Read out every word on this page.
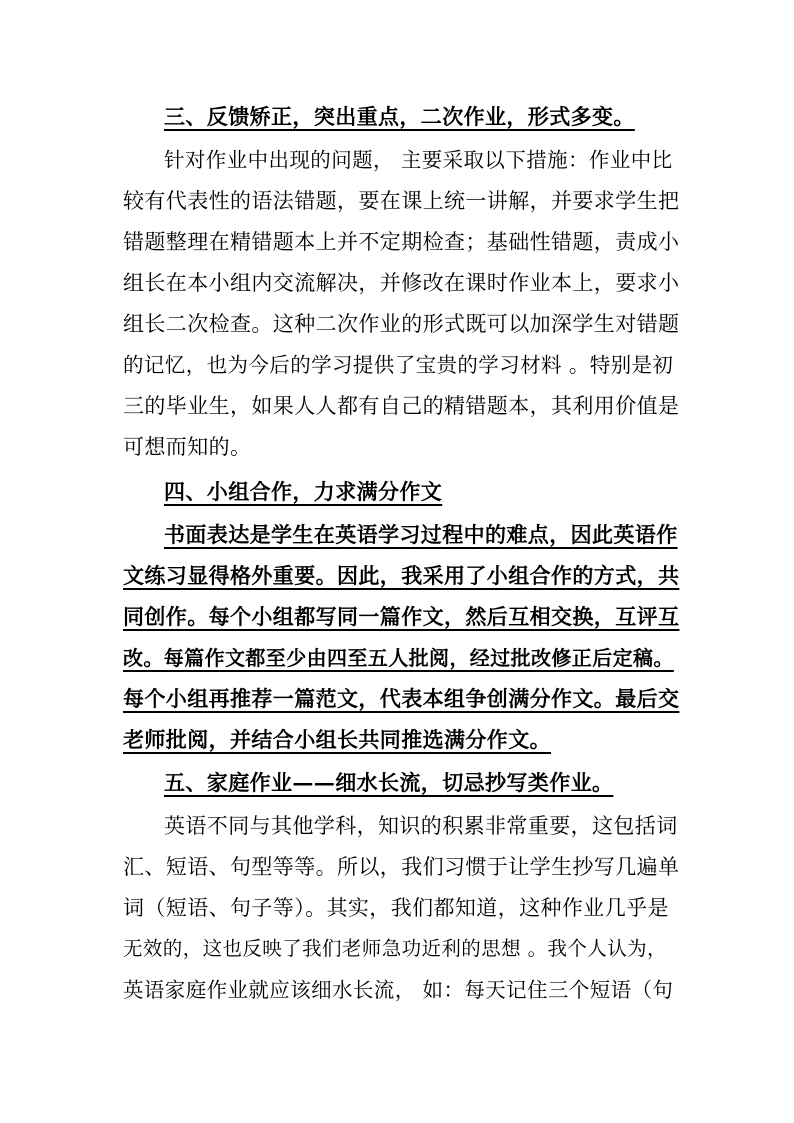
三、反馈矫正，突出重点，二次作业，形式多变。
针对作业中出现的问题， 主要采取以下措施：作业中比
较有代表性的语法错题，要在课上统一讲解，并要求学生把
错题整理在精错题本上并不定期检查；基础性错题，责成小
组长在本小组内交流解决，并修改在课时作业本上，要求小
组长二次检查。这种二次作业的形式既可以加深学生对错题
的记忆，也为今后的学习提供了宝贵的学习材料 。特别是初
三的毕业生，如果人人都有自己的精错题本，其利用价值是
可想而知的。
四、小组合作，力求满分作文
书面表达是学生在英语学习过程中的难点，因此英语作
文练习显得格外重要。因此，我采用了小组合作的方式，共
同创作。每个小组都写同一篇作文，然后互相交换，互评互
改。每篇作文都至少由四至五人批阅，经过批改修正后定稿。
每个小组再推荐一篇范文，代表本组争创满分作文。最后交
老师批阅，并结合小组长共同推选满分作文。
五、家庭作业——细水长流，切忌抄写类作业。
英语不同与其他学科，知识的积累非常重要，这包括词
汇、短语、句型等等。所以，我们习惯于让学生抄写几遍单
词（短语、句子等）。其实，我们都知道，这种作业几乎是
无效的，这也反映了我们老师急功近利的思想 。我个人认为，
英语家庭作业就应该细水长流， 如：每天记住三个短语（句
